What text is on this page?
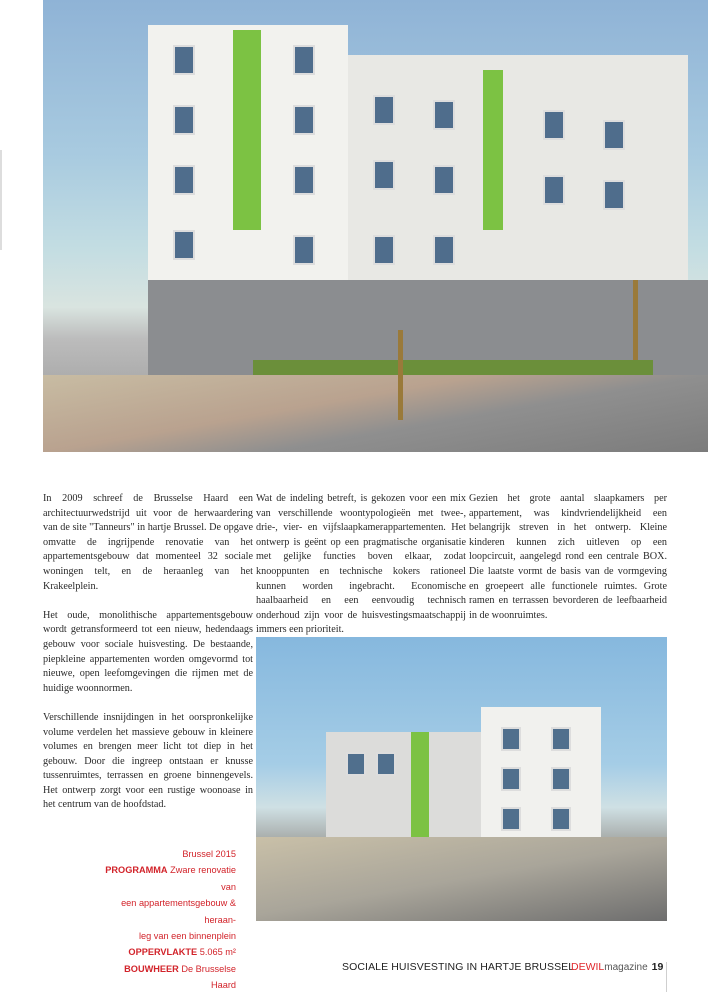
In 2009 schreef de Brusselse Haard een architectuurwedstrijd uit voor de herwaardering van de site "Tanneurs" in hartje Brussel. De opgave omvatte de ingrijpende renovatie van het appartementsgebouw dat momenteel 32 sociale woningen telt, en de heraanleg van het Krakeelplein.

Het oude, monolithische appartementsgebouw wordt getransformeerd tot een nieuw, hedendaags gebouw voor sociale huisvesting. De bestaande, piepkleine appartementen worden omgevormd tot nieuwe, open leefomgevingen die rijmen met de huidige woonnormen.

Verschillende insnijdingen in het oorspronkelijke volume verdelen het massieve gebouw in kleinere volumes en brengen meer licht tot diep in het gebouw. Door die ingreep ontstaan er knusse tussenruimtes, terrassen en groene binnengevels. Het ontwerp zorgt voor een rustige woonoase in het centrum van de hoofdstad.

Wat de indeling betreft, is gekozen voor een mix van verschillende woontypologieën met twee-, drie-, vier- en vijfslaapkamerappartementen. Het ontwerp is geënt op een pragmatische organisatie met gelijke functies boven elkaar, zodat knooppunten en technische kokers rationeel kunnen worden ingebracht. Economische haalbaarheid en een eenvoudig technisch onderhoud zijn voor de huisvestingsmaatschappij immers een prioriteit.

Gezien het grote aantal slaapkamers per appartement, was kindvriendelijkheid een belangrijk streven in het ontwerp. Kleine kinderen kunnen zich uitleven op een loopcircuit, aangelegd rond een centrale BOX. Die laatste vormt de basis van de vormgeving en groepeert alle functionele ruimtes. Grote ramen en terrassen bevorderen de leefbaarheid in de woonruimtes.

Brussel 2015
PROGRAMMA Zware renovatie van
een appartementsgebouw & heraan-
leg van een binnenplein
OPPERVLAKTE 5.065 m²
BOUWHEER De Brusselse Haard
SOCIALE HUISVESTING IN HARTJE BRUSSEL
DEWILmagazine 19
